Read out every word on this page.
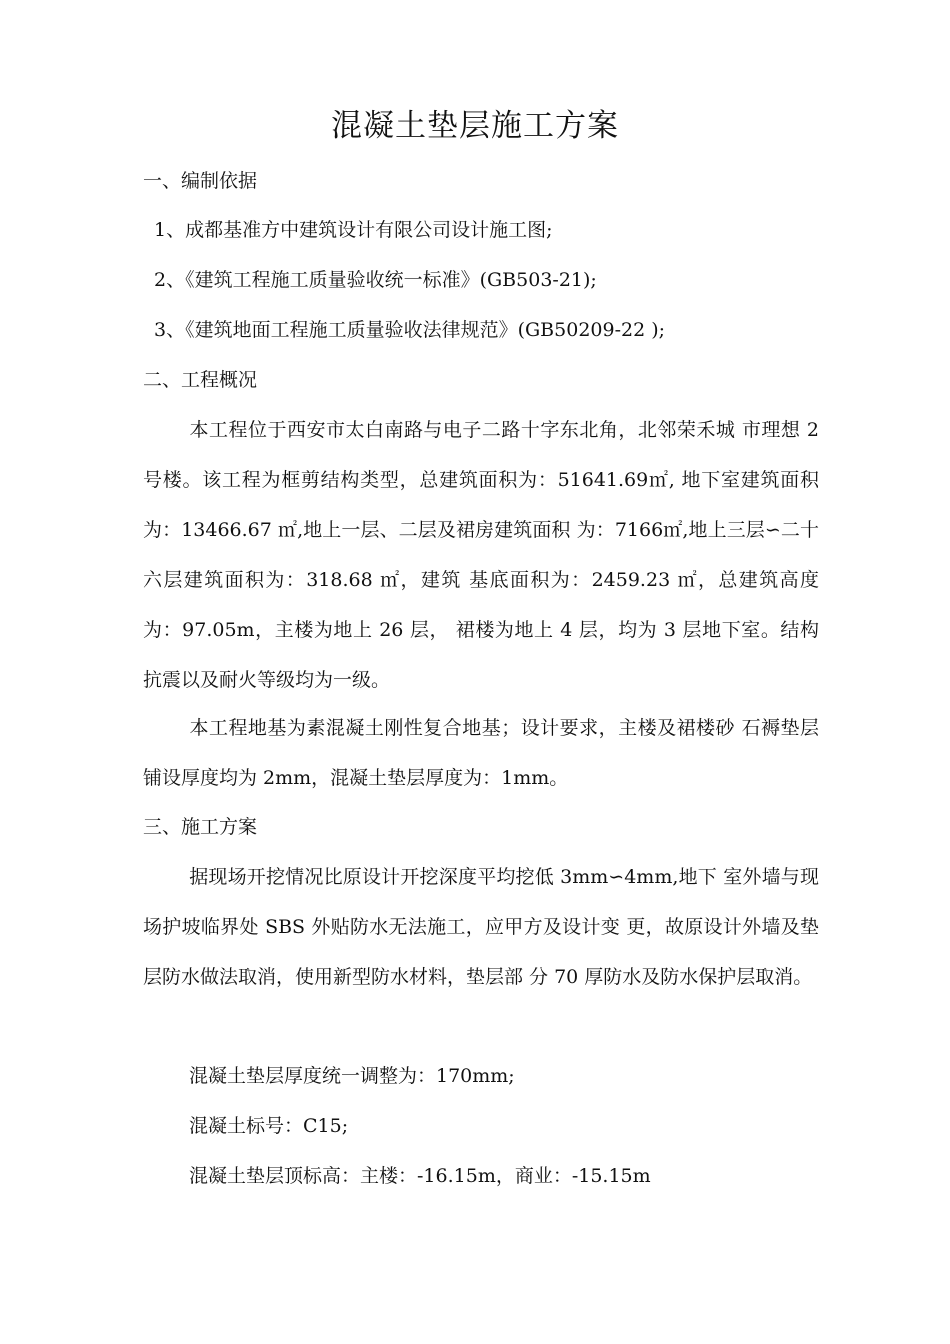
混凝土垫层施工方案
一、编制依据
1、成都基准方中建筑设计有限公司设计施工图;
2、《建筑工程施工质量验收统一标准》(GB503-21);
3、《建筑地面工程施工质量验收法律规范》(GB50209-22 );
二、工程概况
本工程位于西安市太白南路与电子二路十字东北角，北邻荣禾城 市理想 2 号楼。该工程为框剪结构类型，总建筑面积为：51641.69㎡, 地下室建筑面积为：13466.67 ㎡,地上一层、二层及裙房建筑面积 为：7166㎡,地上三层∽二十六层建筑面积为：318.68 ㎡，建筑 基底面积为：2459.23 ㎡，总建筑高度为：97.05m，主楼为地上 26 层， 裙楼为地上 4 层，均为 3 层地下室。结构抗震以及耐火等级均为一级。
本工程地基为素混凝土刚性复合地基；设计要求，主楼及裙楼砂 石褥垫层铺设厚度均为 2mm，混凝土垫层厚度为：1mm。
三、施工方案
据现场开挖情况比原设计开挖深度平均挖低 3mm∽4mm,地下 室外墙与现场护坡临界处 SBS 外贴防水无法施工，应甲方及设计变 更，故原设计外墙及垫层防水做法取消，使用新型防水材料，垫层部 分 70 厚防水及防水保护层取消。
混凝土垫层厚度统一调整为：170mm;
混凝土标号：C15;
混凝土垫层顶标高：主楼：-16.15m，商业：-15.15m
